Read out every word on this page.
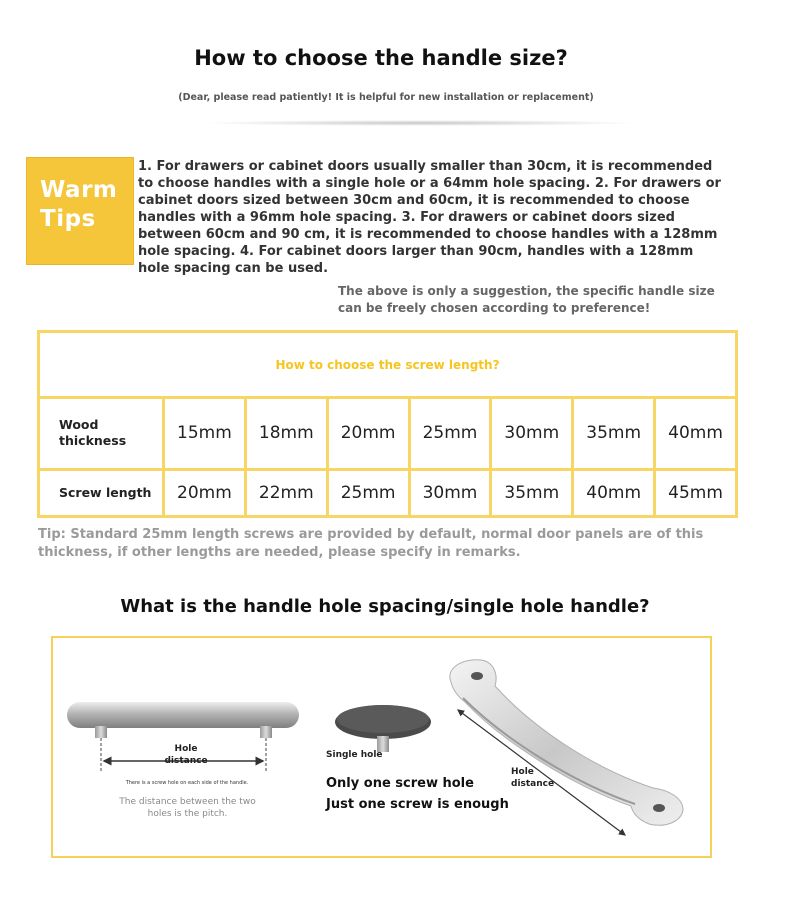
How to choose the handle size?
(Dear, please read patiently! It is helpful for new installation or replacement)
Warm
Tips
1. For drawers or cabinet doors usually smaller than 30cm, it is recommended to choose handles with a single hole or a 64mm hole spacing. 2. For drawers or cabinet doors sized between 30cm and 60cm, it is recommended to choose handles with a 96mm hole spacing. 3. For drawers or cabinet doors sized between 60cm and 90 cm, it is recommended to choose handles with a 128mm hole spacing. 4. For cabinet doors larger than 90cm, handles with a 128mm hole spacing can be used.
The above is only a suggestion, the specific handle size can be freely chosen according to preference!
How to choose the screw length?							
Wood thickness	15mm	18mm	20mm	25mm	30mm	35mm	40mm
Screw length	20mm	22mm	25mm	30mm	35mm	40mm	45mm
Tip: Standard 25mm length screws are provided by default, normal door panels are of this thickness, if other lengths are needed, please specify in remarks.
What is the handle hole spacing/single hole handle?
Hole
distance
There is a screw hole on each side of the handle.
The distance between the two holes is the pitch.
Single hole
Only one screw hole
Just one screw is enough
Hole
distance
